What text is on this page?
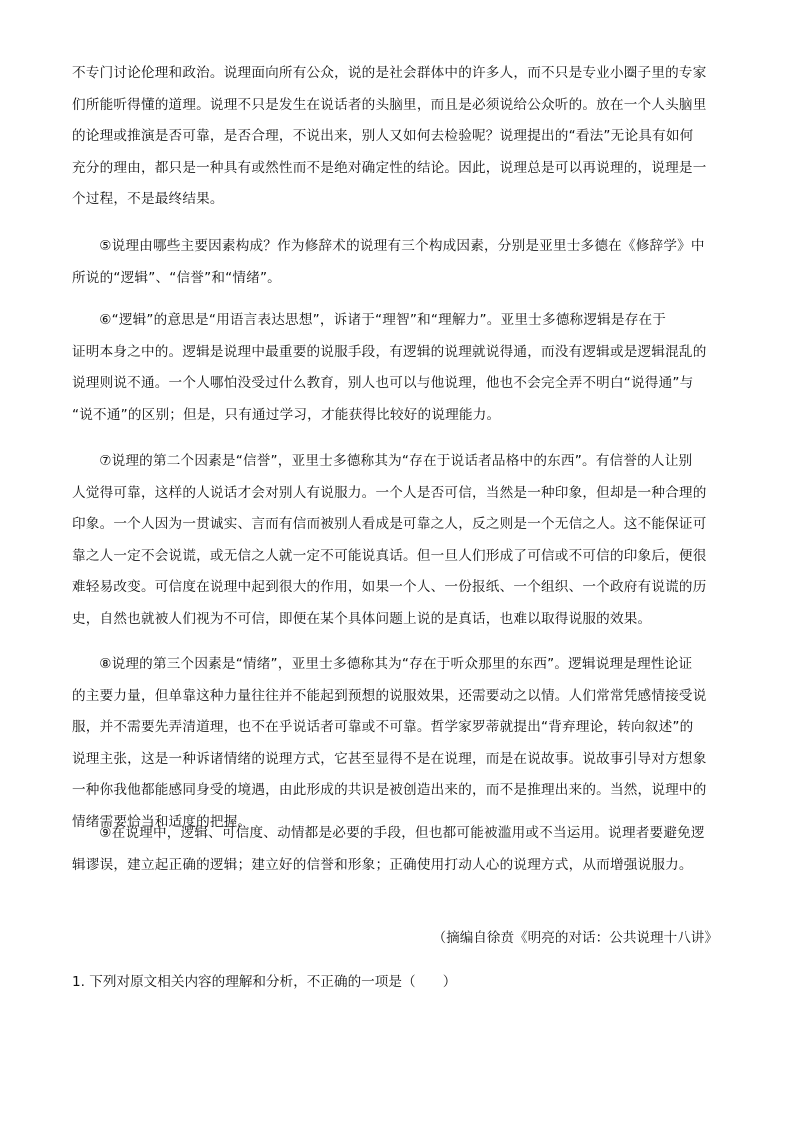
不专门讨论伦理和政治。说理面向所有公众，说的是社会群体中的许多人，而不只是专业小圈子里的专家
们所能听得懂的道理。说理不只是发生在说话者的头脑里，而且是必须说给公众听的。放在一个人头脑里
的论理或推演是否可靠，是否合理，不说出来，别人又如何去检验呢？说理提出的“看法”无论具有如何
充分的理由，都只是一种具有或然性而不是绝对确定性的结论。因此，说理总是可以再说理的，说理是一
个过程，不是最终结果。

⑤说理由哪些主要因素构成？作为修辞术的说理有三个构成因素，分别是亚里士多德在《修辞学》中
所说的“逻辑”、“信誉”和“情绪”。

⑥“逻辑”的意思是“用语言表达思想”，诉诸于“理智”和“理解力”。亚里士多德称逻辑是存在于
证明本身之中的。逻辑是说理中最重要的说服手段，有逻辑的说理就说得通，而没有逻辑或是逻辑混乱的
说理则说不通。一个人哪怕没受过什么教育，别人也可以与他说理，他也不会完全弄不明白“说得通”与
“说不通”的区别；但是，只有通过学习，才能获得比较好的说理能力。

⑦说理的第二个因素是“信誉”，亚里士多德称其为“存在于说话者品格中的东西”。有信誉的人让别
人觉得可靠，这样的人说话才会对别人有说服力。一个人是否可信，当然是一种印象，但却是一种合理的
印象。一个人因为一贯诚实、言而有信而被别人看成是可靠之人，反之则是一个无信之人。这不能保证可
靠之人一定不会说谎，或无信之人就一定不可能说真话。但一旦人们形成了可信或不可信的印象后，便很
难轻易改变。可信度在说理中起到很大的作用，如果一个人、一份报纸、一个组织、一个政府有说谎的历
史，自然也就被人们视为不可信，即便在某个具体问题上说的是真话，也难以取得说服的效果。

⑧说理的第三个因素是“情绪”，亚里士多德称其为“存在于听众那里的东西”。逻辑说理是理性论证
的主要力量，但单靠这种力量往往并不能起到预想的说服效果，还需要动之以情。人们常常凭感情接受说
服，并不需要先弄清道理，也不在乎说话者可靠或不可靠。哲学家罗蒂就提出“背弃理论，转向叙述”的
说理主张，这是一种诉诸情绪的说理方式，它甚至显得不是在说理，而是在说故事。说故事引导对方想象
一种你我他都能感同身受的境遇，由此形成的共识是被创造出来的，而不是推理出来的。当然，说理中的
情绪需要恰当和适度的把握。

⑨在说理中，逻辑、可信度、动情都是必要的手段，但也都可能被滥用或不当运用。说理者要避免逻
辑谬误，建立起正确的逻辑；建立好的信誉和形象；正确使用打动人心的说理方式，从而增强说服力。

（摘编自徐贲《明亮的对话：公共说理十八讲》

1. 下列对原文相关内容的理解和分析，不正确的一项是（　　）
